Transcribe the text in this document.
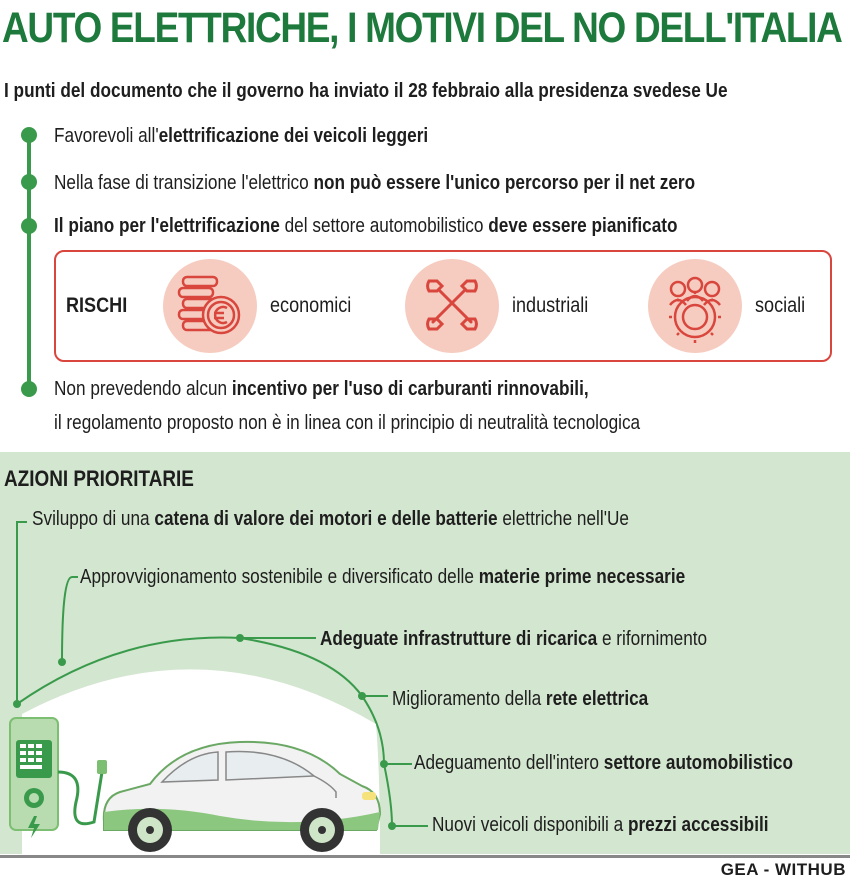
AUTO ELETTRICHE, I MOTIVI DEL NO DELL'ITALIA
I punti del documento che il governo ha inviato il 28 febbraio alla presidenza svedese Ue
Favorevoli all'elettrificazione dei veicoli leggeri
Nella fase di transizione l'elettrico non può essere l'unico percorso per il net zero
Il piano per l'elettrificazione del settore automobilistico deve essere pianificato
RISCHI	economici	industriali	sociali
Non prevedendo alcun incentivo per l'uso di carburanti rinnovabili,
il regolamento proposto non è in linea con il principio di neutralità tecnologica
AZIONI PRIORITARIE
Sviluppo di una catena di valore dei motori e delle batterie elettriche nell'Ue
Approvvigionamento sostenibile e diversificato delle materie prime necessarie
Adeguate infrastrutture di ricarica e rifornimento
Miglioramento della rete elettrica
Adeguamento dell'intero settore automobilistico
Nuovi veicoli disponibili a prezzi accessibili
GEA - WITHUB
